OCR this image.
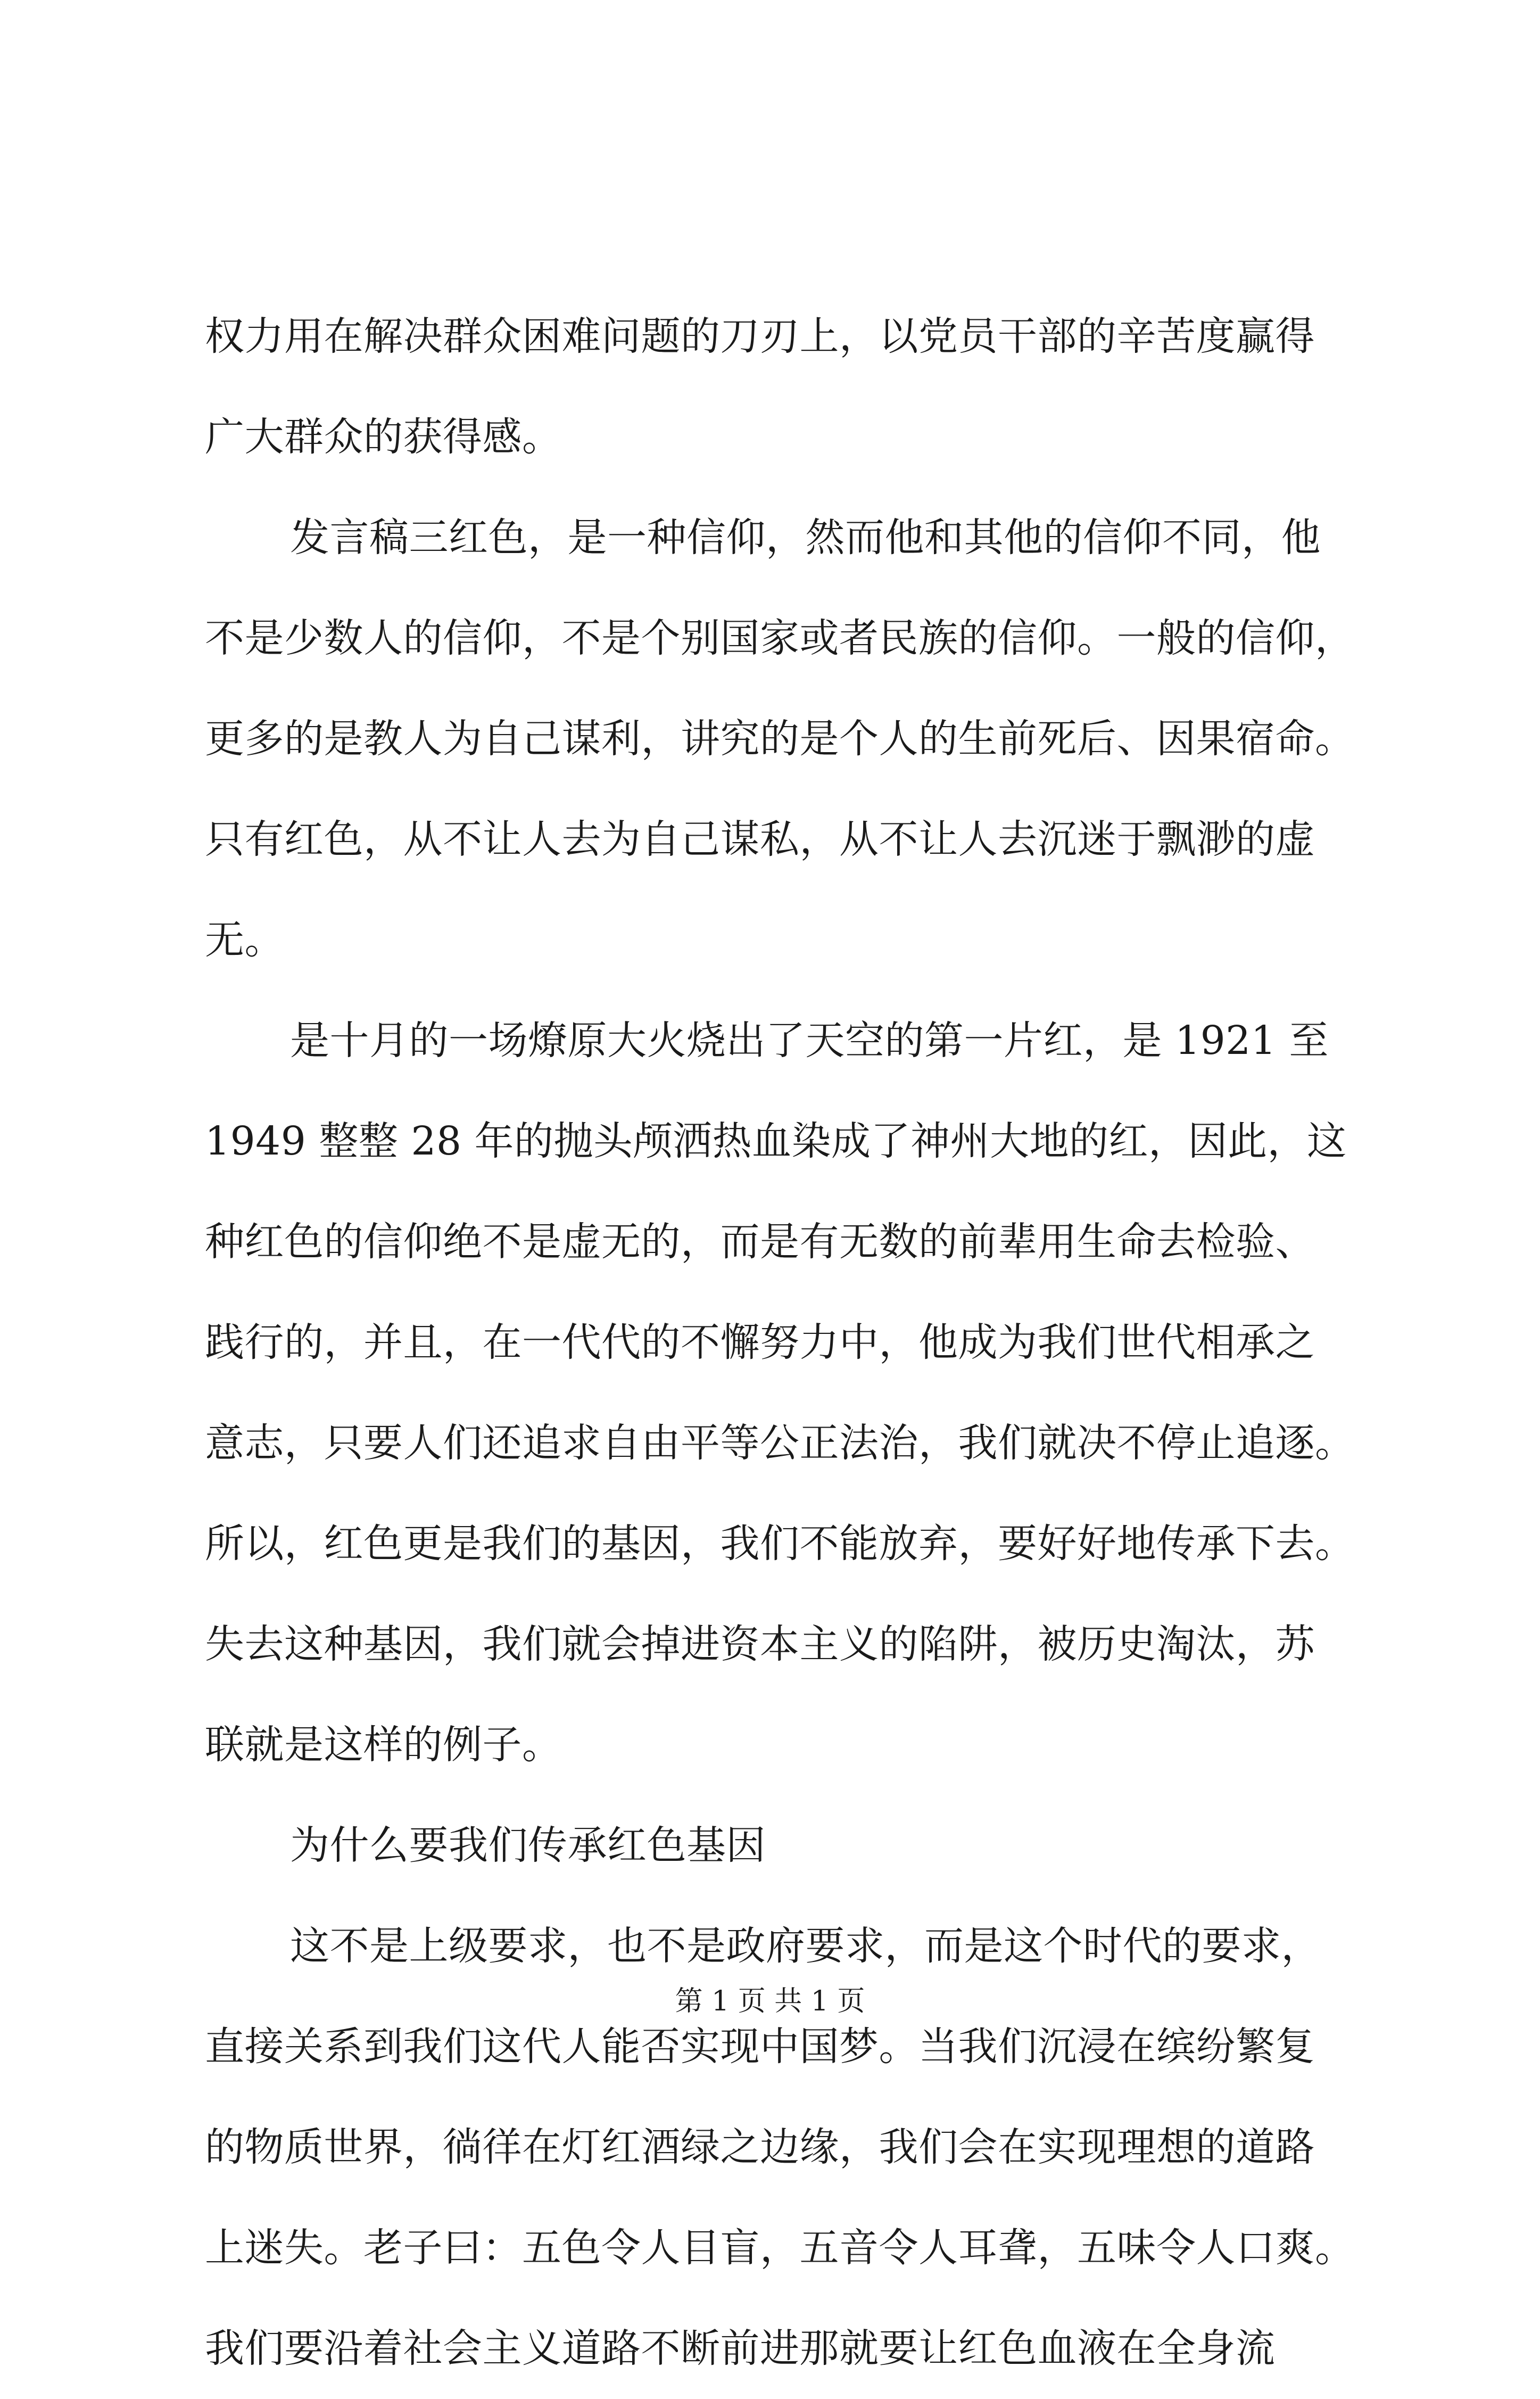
权力用在解决群众困难问题的刀刃上，以党员干部的辛苦度赢得
广大群众的获得感。
发言稿三红色，是一种信仰，然而他和其他的信仰不同，他
不是少数人的信仰，不是个别国家或者民族的信仰。一般的信仰，
更多的是教人为自己谋利，讲究的是个人的生前死后、因果宿命。
只有红色，从不让人去为自己谋私，从不让人去沉迷于飘渺的虚
无。
是十月的一场燎原大火烧出了天空的第一片红，是 1921 至
1949 整整 28 年的抛头颅洒热血染成了神州大地的红，因此，这
种红色的信仰绝不是虚无的，而是有无数的前辈用生命去检验、
践行的，并且，在一代代的不懈努力中，他成为我们世代相承之
意志，只要人们还追求自由平等公正法治，我们就决不停止追逐。
所以，红色更是我们的基因，我们不能放弃，要好好地传承下去。
失去这种基因，我们就会掉进资本主义的陷阱，被历史淘汰，苏
联就是这样的例子。
为什么要我们传承红色基因
这不是上级要求，也不是政府要求，而是这个时代的要求，
直接关系到我们这代人能否实现中国梦。当我们沉浸在缤纷繁复
的物质世界，徜徉在灯红酒绿之边缘，我们会在实现理想的道路
上迷失。老子曰：五色令人目盲，五音令人耳聋，五味令人口爽。
我们要沿着社会主义道路不断前进那就要让红色血液在全身流
第 1 页 共 1 页
